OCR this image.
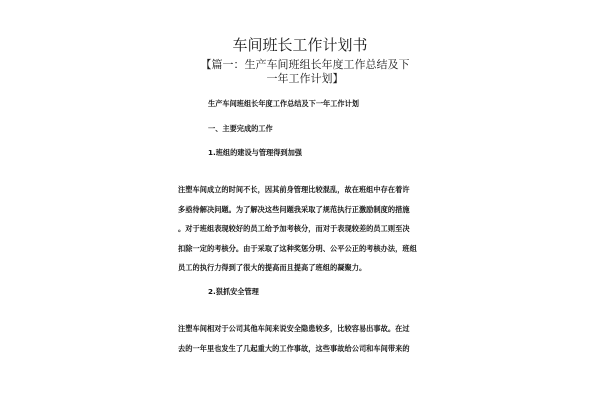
车间班长工作计划书
【篇一：生产车间班组长年度工作总结及下一年工作计划】
生产车间班组长年度工作总结及下一年工作计划
一、主要完成的工作
1.班组的建设与管理得到加强
注塑车间成立的时间不长，因其前身管理比较混乱，故在班组中存在着许
多亟待解决问题。为了解决这些问题我采取了规范执行正激励制度的措施
。对于班组表现较好的员工给予加考核分，而对于表现较差的员工则至决
扣除一定的考核分。由于采取了这种奖惩分明、公平公正的考核办法，班组
员工的执行力得到了很大的提高而且提高了班组的凝聚力。
2.狠抓安全管理
注塑车间相对于公司其他车间来说安全隐患较多，比较容易出事故。在过
去的一年里也发生了几起重大的工作事故，这些事故给公司和车间带来的
